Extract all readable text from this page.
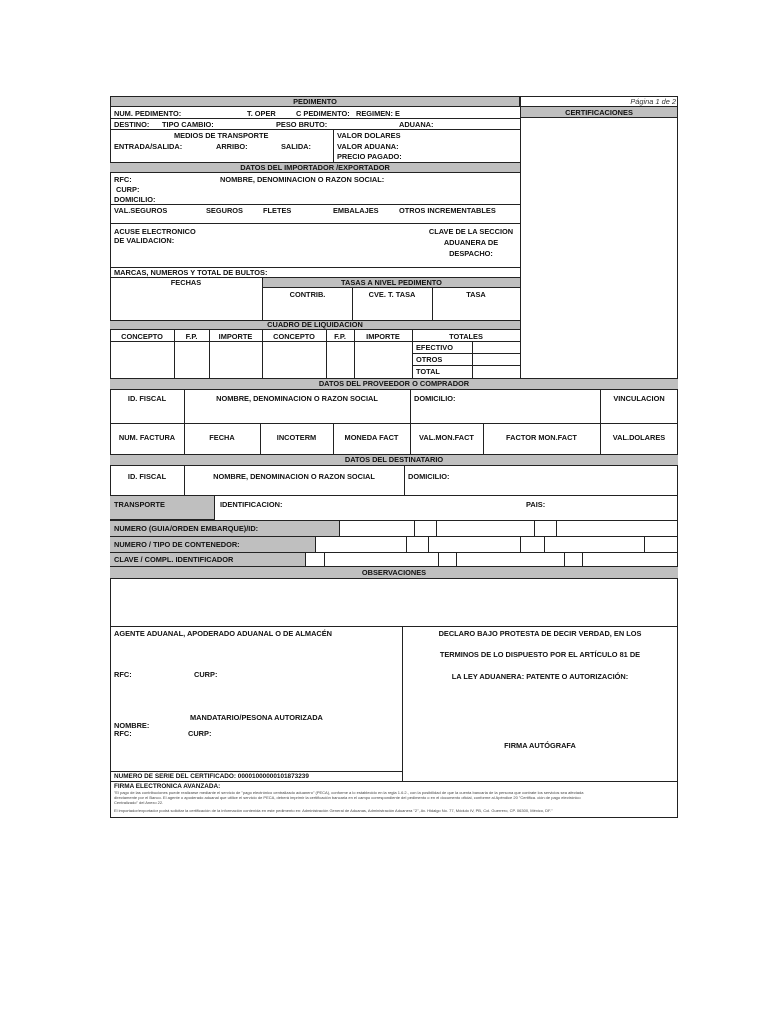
PEDIMENTO	Página 1 de 2
CERTIFICACIONES
NUM. PEDIMENTO:	T. OPER	C PEDIMENTO: REGIMEN: E
DESTINO: TIPO CAMBIO:	PESO BRUTO:	ADUANA:
MEDIOS DE TRANSPORTE
ENTRADA/SALIDA:	ARRIBO:	SALIDA:
VALOR DOLARES
VALOR ADUANA:
PRECIO PAGADO:
DATOS DEL IMPORTADOR /EXPORTADOR
RFC:	NOMBRE, DENOMINACION O RAZON SOCIAL:
CURP:
DOMICILIO:
VAL.SEGUROS	SEGUROS	FLETES	EMBALAJES	OTROS INCREMENTABLES
ACUSE ELECTRONICO
DE VALIDACION:
CLAVE DE LA SECCION
ADUANERA DE
DESPACHO:
MARCAS, NUMEROS Y TOTAL DE BULTOS:
FECHAS	TASAS A NIVEL PEDIMENTO
CONTRIB.	CVE. T. TASA	TASA
CUADRO DE LIQUIDACION
CONCEPTO	F.P.	IMPORTE	CONCEPTO	F.P.	IMPORTE	TOTALES
EFECTIVO
OTROS
TOTAL
DATOS DEL PROVEEDOR O COMPRADOR
ID. FISCAL	NOMBRE, DENOMINACION O RAZON SOCIAL	DOMICILIO:	VINCULACION
NUM. FACTURA	FECHA	INCOTERM	MONEDA FACT	VAL.MON.FACT	FACTOR MON.FACT	VAL.DOLARES
DATOS DEL DESTINATARIO
ID. FISCAL	NOMBRE, DENOMINACION O RAZON SOCIAL	DOMICILIO:
TRANSPORTE	IDENTIFICACION:	PAIS:
NUMERO (GUIA/ORDEN EMBARQUE)/ID:
NUMERO / TIPO DE CONTENEDOR:
CLAVE / COMPL. IDENTIFICADOR
OBSERVACIONES
AGENTE ADUANAL, APODERADO ADUANAL O DE ALMACÉN
RFC:	CURP:
MANDATARIO/PESONA AUTORIZADA
NOMBRE:
RFC:	CURP:
DECLARO BAJO PROTESTA DE DECIR VERDAD, EN LOS
TERMINOS DE LO DISPUESTO POR EL ARTÍCULO 81 DE
LA LEY ADUANERA: PATENTE O AUTORIZACIÓN:
FIRMA AUTÓGRAFA
NUMERO DE SERIE DEL CERTIFICADO: 00001000000101873239
FIRMA ELECTRONICA AVANZADA:
"El pago de las contribuciones puede realizarse mediante el servicio de "pago electrónico centralizado aduanero" (PECA), conforme a lo establecido en la regla 1.6.2., con la posibilidad de que la cuenta bancaria de la persona que contrate los servicios sea afectada
directamente por el Banco. El agente o apoderado aduanal que utilice el servicio de PECA, deberá imprimir la certificación bancaria en el campo correspondiente del pedimento o en el documento oficial, conforme al Apéndice 20 "Certifica. ción de pago electrónico
Centralizado" del Anexo 22.
El importador/exportador podrá solicitar la certificación de la información contenida en este pedimento en: Administración General de Aduanas, Administración Aduanera "2", Av. Hidalgo No. 77, Módulo IV, PB, Col. Guerrero, CP. 06300, México, DF."
